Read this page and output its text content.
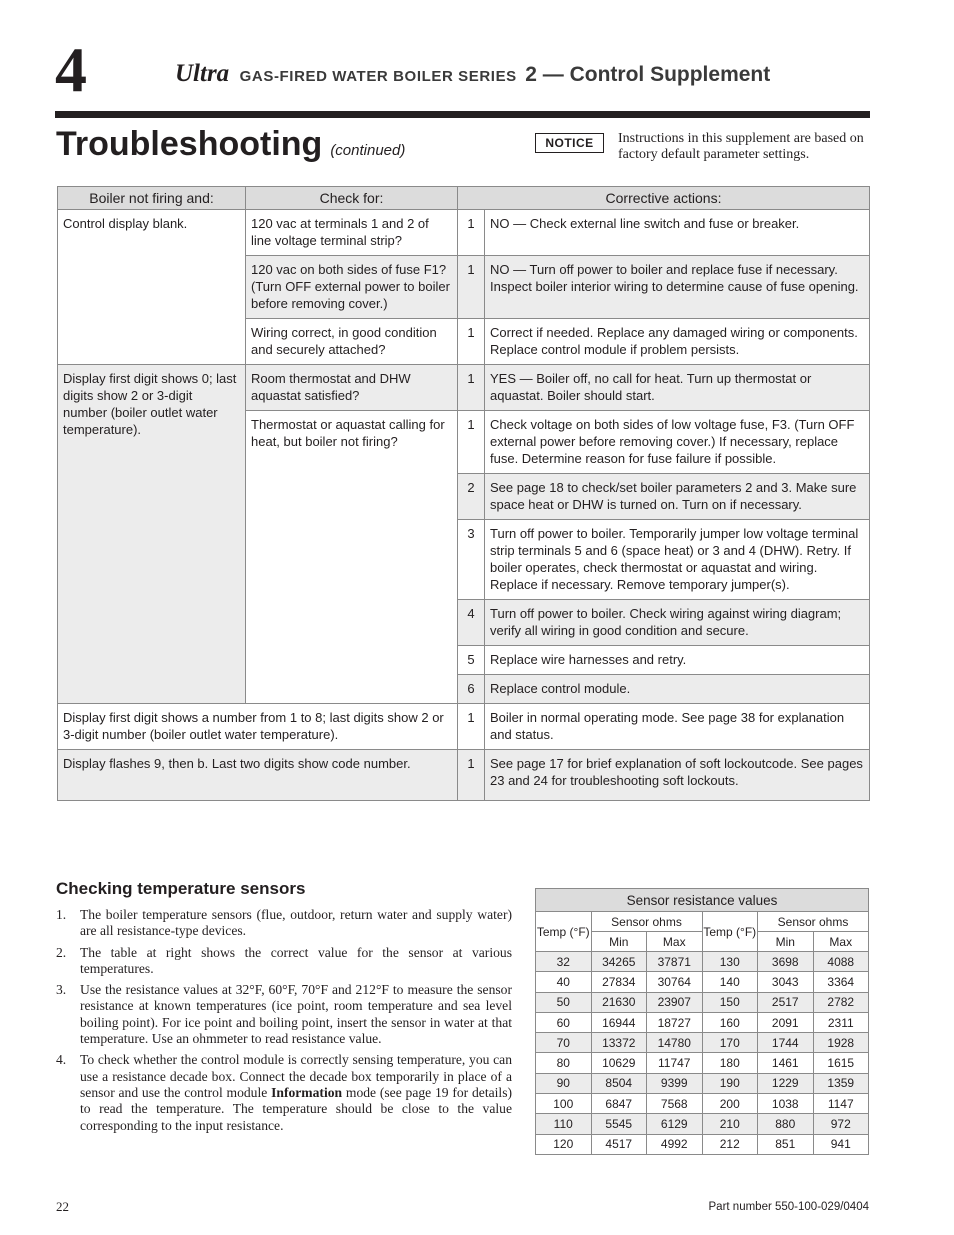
4	Ultra GAS-FIRED WATER BOILER SERIES 2 — Control Supplement
Troubleshooting (continued)	NOTICE	Instructions in this supplement are based on factory default parameter settings.
Boiler not firing and:	Check for:	Corrective actions:	
Control display blank.	120 vac at terminals 1 and 2 of line voltage terminal strip?	1	NO — Check external line switch and fuse or breaker.
	120 vac on both sides of fuse F1? (Turn OFF external power to boiler before removing cover.)	1	NO — Turn off power to boiler and replace fuse if necessary. Inspect boiler interior wiring to determine cause of fuse opening.
	Wiring correct, in good condition and securely attached?	1	Correct if needed. Replace any damaged wiring or components. Replace control module if problem persists.
Display first digit shows 0; last digits show 2 or 3-digit number (boiler outlet water temperature).	Room thermostat and DHW aquastat satisfied?	1	YES — Boiler off, no call for heat. Turn up thermostat or aquastat. Boiler should start.
	Thermostat or aquastat calling for heat, but boiler not firing?	1	Check voltage on both sides of low voltage fuse, F3. (Turn OFF external power before removing cover.) If necessary, replace fuse. Determine reason for fuse failure if possible.
		2	See page 18 to check/set boiler parameters 2 and 3. Make sure space heat or DHW is turned on. Turn on if necessary.
		3	Turn off power to boiler. Temporarily jumper low voltage terminal strip terminals 5 and 6 (space heat) or 3 and 4 (DHW). Retry. If boiler operates, check thermostat or aquastat and wiring. Replace if necessary. Remove temporary jumper(s).
		4	Turn off power to boiler. Check wiring against wiring diagram; verify all wiring in good condition and secure.
		5	Replace wire harnesses and retry.
		6	Replace control module.
Display first digit shows a number from 1 to 8; last digits show 2 or 3-digit number (boiler outlet water temperature).		1	Boiler in normal operating mode. See page 38 for explanation and status.
Display flashes 9, then b. Last two digits show code number.		1	See page 17 for brief explanation of soft lockoutcode. See pages 23 and 24 for troubleshooting soft lockouts.
Checking temperature sensors
1. The boiler temperature sensors (flue, outdoor, return water and supply water) are all resistance-type devices.
2. The table at right shows the correct value for the sensor at various temperatures.
3. Use the resistance values at 32°F, 60°F, 70°F and 212°F to measure the sensor resistance at known temperatures (ice point, room temperature and sea level boiling point). For ice point and boiling point, insert the sensor in water at that temperature. Use an ohmmeter to read resistance value.
4. To check whether the control module is correctly sensing temperature, you can use a resistance decade box. Connect the decade box temporarily in place of a sensor and use the control module Information mode (see page 19 for details) to read the temperature. The temperature should be close to the value corresponding to the input resistance.
Sensor resistance values					
Temp (°F)	Sensor ohms		Temp (°F)	Sensor ohms	
	Min	Max		Min	Max
32	34265	37871	130	3698	4088
40	27834	30764	140	3043	3364
50	21630	23907	150	2517	2782
60	16944	18727	160	2091	2311
70	13372	14780	170	1744	1928
80	10629	11747	180	1461	1615
90	8504	9399	190	1229	1359
100	6847	7568	200	1038	1147
110	5545	6129	210	880	972
120	4517	4992	212	851	941
22	Part number 550-100-029/0404
